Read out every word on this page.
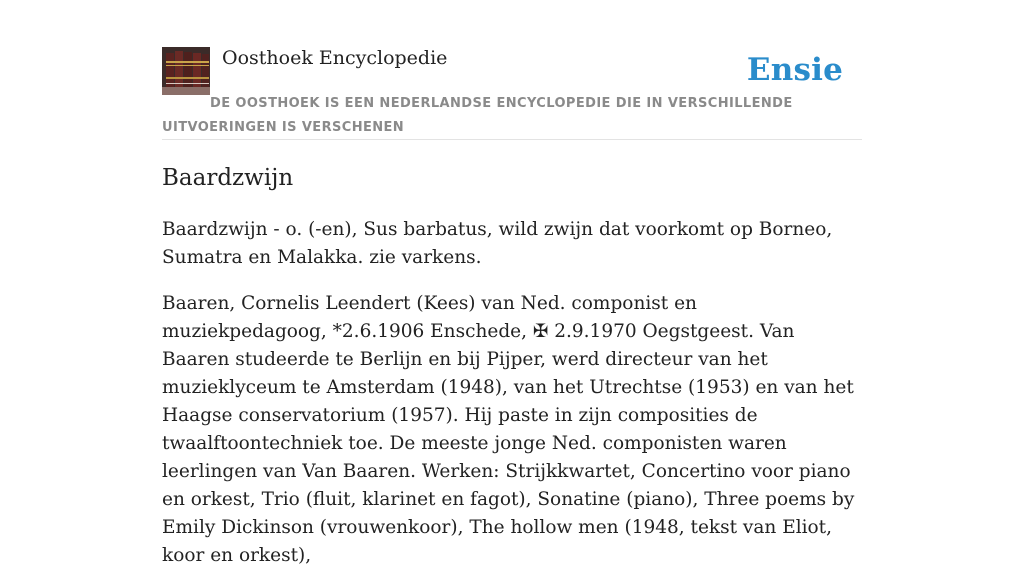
Oosthoek Encyclopedie	Ensie
DE OOSTHOEK IS EEN NEDERLANDSE ENCYCLOPEDIE DIE IN VERSCHILLENDE UITVOERINGEN IS VERSCHENEN
Baardzwijn

Baardzwijn - o. (-en), Sus barbatus, wild zwijn dat voorkomt op Borneo, Sumatra en Malakka. zie varkens.

Baaren, Cornelis Leendert (Kees) van Ned. componist en muziekpedagoog, *2.6.1906 Enschede, ✠ 2.9.1970 Oegstgeest. Van Baaren studeerde te Berlijn en bij Pijper, werd directeur van het muzieklyceum te Amsterdam (1948), van het Utrechtse (1953) en van het Haagse conservatorium (1957). Hij paste in zijn composities de twaalftoontechniek toe. De meeste jonge Ned. componisten waren leerlingen van Van Baaren. Werken: Strijkkwartet, Concertino voor piano en orkest, Trio (fluit, klarinet en fagot), Sonatine (piano), Three poems by Emily Dickinson (vrouwenkoor), The hollow men (1948, tekst van Eliot, koor en orkest),
